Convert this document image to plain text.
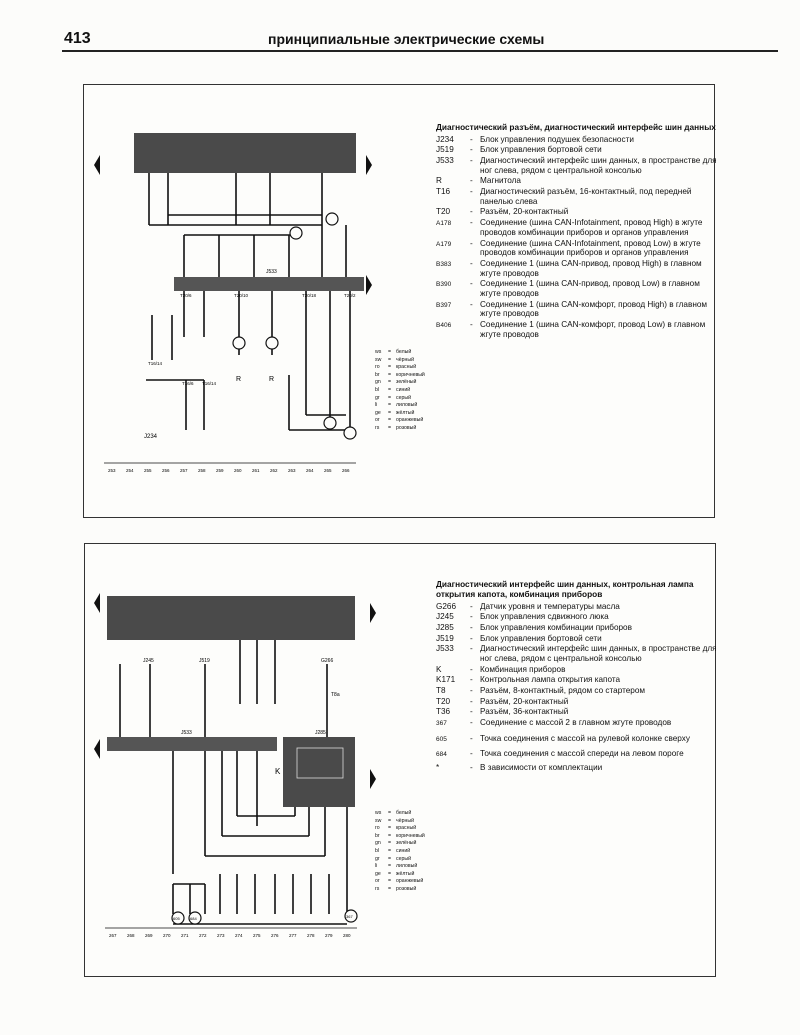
413	принципиальные электрические схемы
J533
J234
R	R
T16/14
T16/6 T16/14
T20/6	T20/10	T20/18	T20/2
253 254 255 256 257 258 259 260 261 262 263 264 265 266
ws	= белый
sw	= чёрный
ro	= красный
br	= коричневый
gn	= зелёный
bl	= синий
gr	= серый
li	= лиловый
ge	= жёлтый
or	= оранжевый
rs	= розовый
Диагностический разъём, диагностический интерфейс шин данных
J234	- Блок управления подушек безопасности
J519	- Блок управления бортовой сети
J533	- Диагностический интерфейс шин данных, в пространстве для ног слева, рядом с центральной консолью
R	- Магнитола
T16	- Диагностический разъём, 16-контактный, под передней панелью слева
T20	- Разъём, 20-контактный
A178	- Соединение (шина CAN-Infotainment, провод High) в жгуте проводов комбинации приборов и органов управления
A179	- Соединение (шина CAN-Infotainment, провод Low) в жгуте проводов комбинации приборов и органов управления
B383	- Соединение 1 (шина CAN-привод, провод High) в главном жгуте проводов
B390	- Соединение 1 (шина CAN-привод, провод Low) в главном жгуте проводов
B397	- Соединение 1 (шина CAN-комфорт, провод High) в главном жгуте проводов
B406	- Соединение 1 (шина CAN-комфорт, провод Low) в главном жгуте проводов
J245	J519
J533	J285
G266
K
T8a
605	684	367
267 268 269 270 271 272 273 274 275 276 277 278 279 280
ws	= белый
sw	= чёрный
ro	= красный
br	= коричневый
gn	= зелёный
bl	= синий
gr	= серый
li	= лиловый
ge	= жёлтый
or	= оранжевый
rs	= розовый
Диагностический интерфейс шин данных, контрольная лампа открытия капота, комбинация приборов
G266	- Датчик уровня и температуры масла
J245	- Блок управления сдвижного люка
J285	- Блок управления комбинации приборов
J519	- Блок управления бортовой сети
J533	- Диагностический интерфейс шин данных, в пространстве для ног слева, рядом с центральной консолью
K	- Комбинация приборов
K171	- Контрольная лампа открытия капота
T8	- Разъём, 8-контактный, рядом со стартером
T20	- Разъём, 20-контактный
T36	- Разъём, 36-контактный
367	- Соединение с массой 2 в главном жгуте проводов
605	- Точка соединения с массой на рулевой колонке сверху
684	- Точка соединения с массой спереди на левом пороге
*	- В зависимости от комплектации
